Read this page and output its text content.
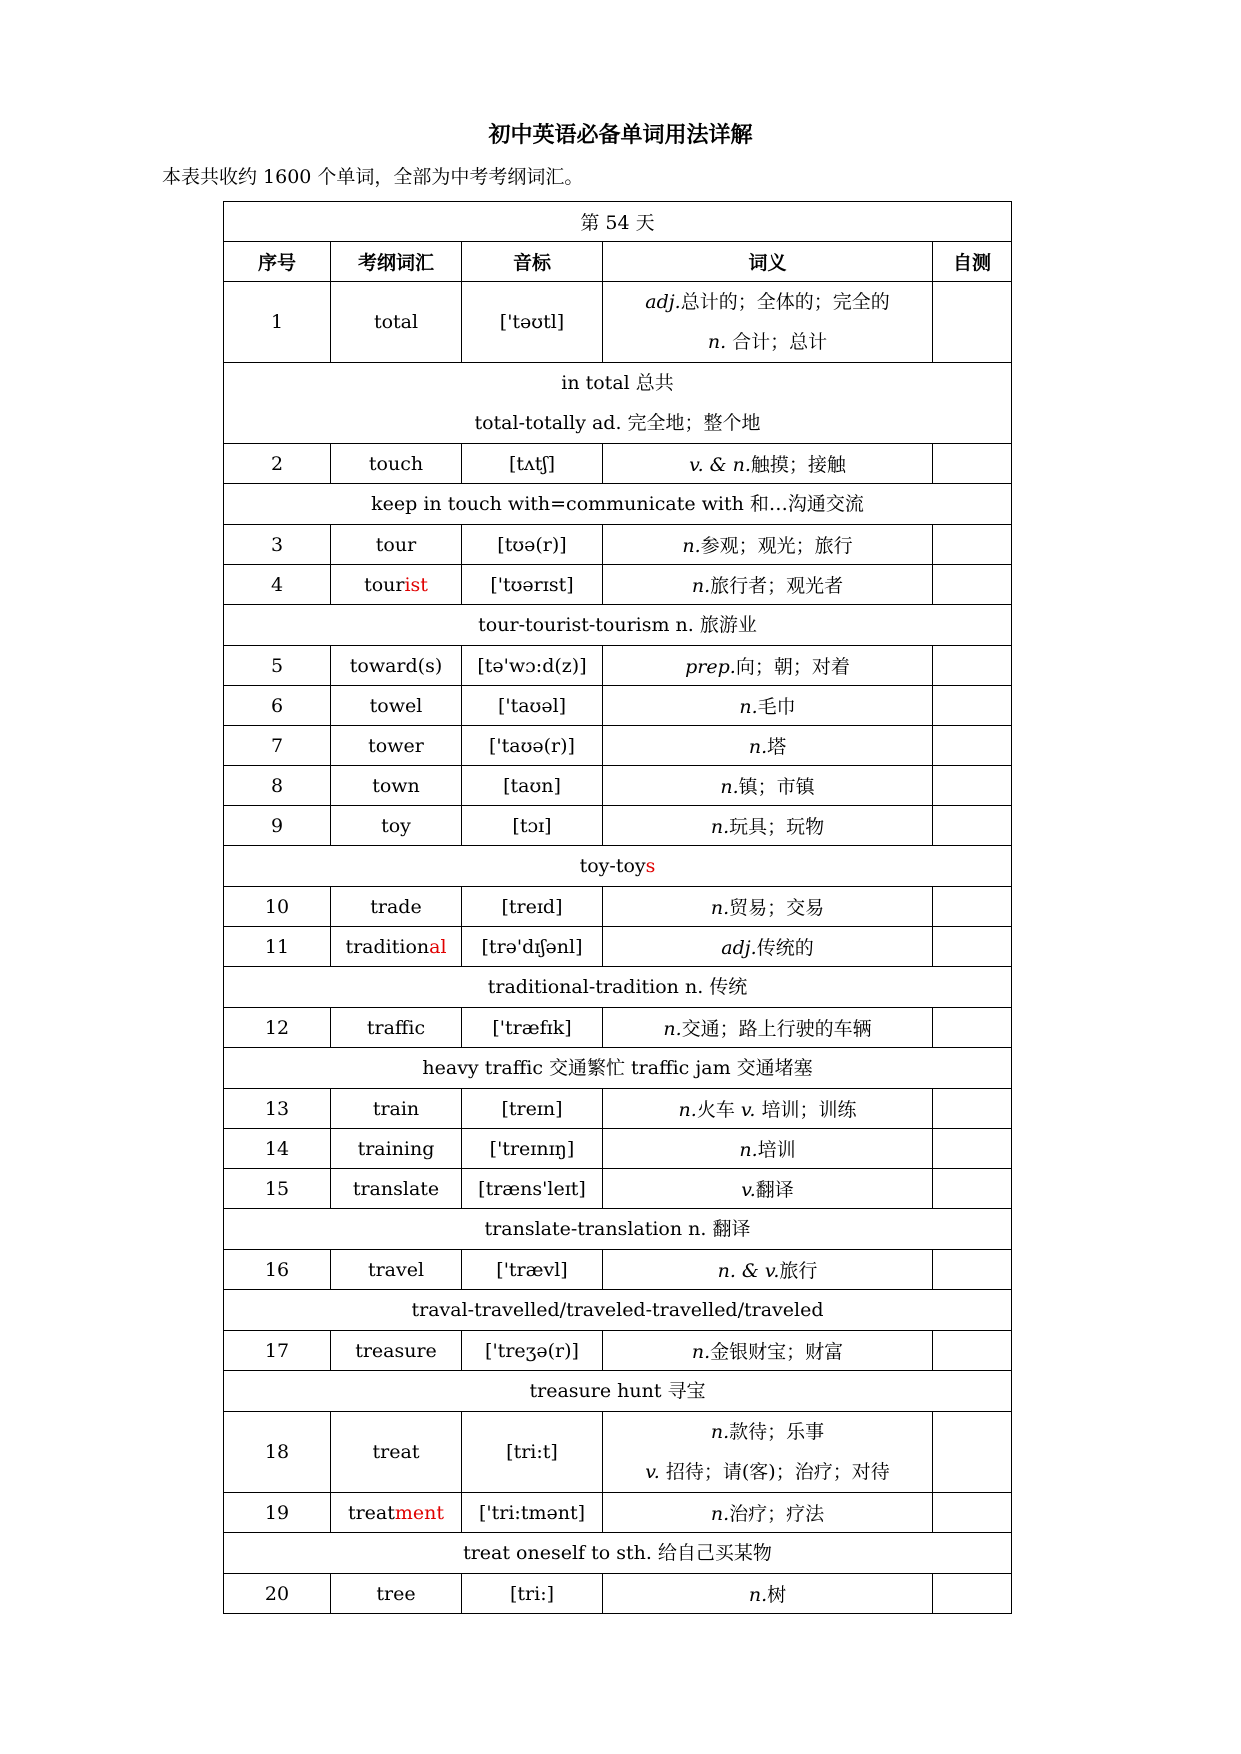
初中英语必备单词用法详解
本表共收约 1600 个单词，全部为中考考纲词汇。
第 54 天				
序号	考纲词汇	音标	词义	自测
1	total	['təʊtl]	adj.总计的；全体的；完全的
n. 合计；总计	

in total 总共
total-totally ad. 完全地；整个地				

2	touch	[tʌtʃ]	v. & n.触摸；接触	

keep in touch with=communicate with 和…沟通交流				

3	tour	[tʊə(r)]	n.参观；观光；旅行	
4	tourist	['tʊərɪst]	n.旅行者；观光者	

tour-tourist-tourism n. 旅游业				

5	toward(s)	[tə'wɔ:d(z)]	prep.向；朝；对着	
6	towel	['taʊəl]	n.毛巾	
7	tower	['taʊə(r)]	n.塔	
8	town	[taʊn]	n.镇；市镇	
9	toy	[tɔɪ]	n.玩具；玩物	

toy-toys				

10	trade	[treɪd]	n.贸易；交易	
11	traditional	[trə'dɪʃənl]	adj.传统的	

traditional-tradition n. 传统				

12	traffic	['træfɪk]	n.交通；路上行驶的车辆	

heavy traffic 交通繁忙 traffic jam 交通堵塞				

13	train	[treɪn]	n.火车 v. 培训；训练	
14	training	['treɪnɪŋ]	n.培训	
15	translate	[træns'leɪt]	v.翻译	

translate-translation n. 翻译				

16	travel	['trævl]	n. & v.旅行	

traval-travelled/traveled-travelled/traveled				

17	treasure	['treʒə(r)]	n.金银财宝；财富	

treasure hunt 寻宝				

18	treat	[tri:t]	n.款待；乐事
v. 招待；请(客)；治疗；对待	

19	treatment	['tri:tmənt]	n.治疗；疗法	

treat oneself to sth. 给自己买某物				

20	tree	[tri:]	n.树	
